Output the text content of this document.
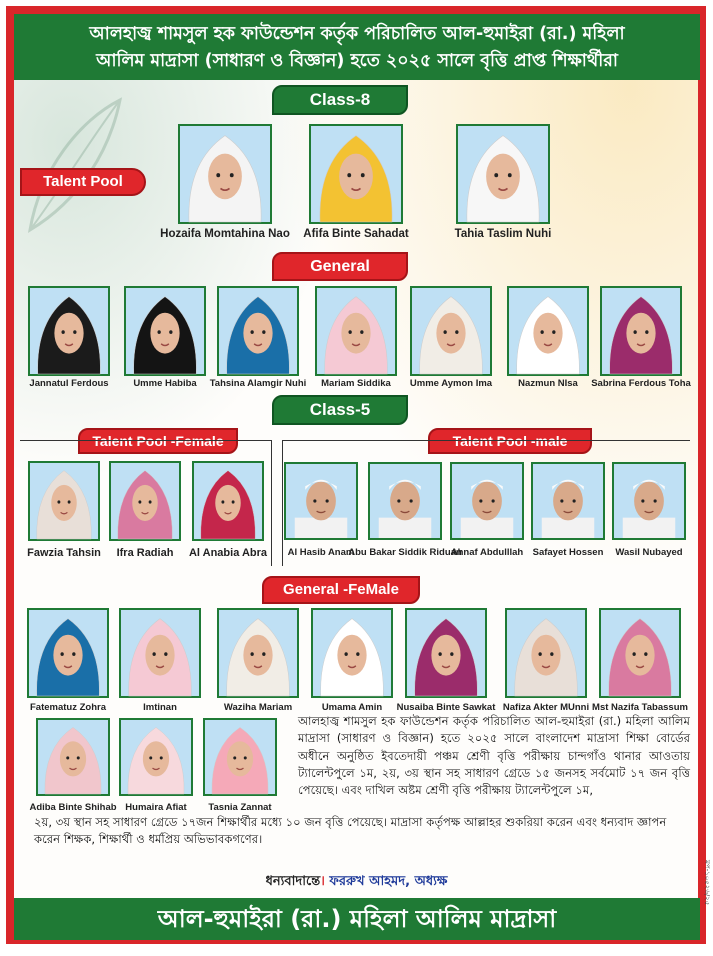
আলহাজ্ব শামসুল হক ফাউন্ডেশন কর্তৃক পরিচালিত আল-হুমাইরা (রা.) মহিলা
আলিম মাদ্রাসা (সাধারণ ও বিজ্ঞান) হতে ২০২৫ সালে বৃত্তি প্রাপ্ত শিক্ষার্থীরা
Class-8
Talent Pool
Hozaifa Momtahina Nao Afifa Binte Sahadat	Tahia Taslim Nuhi
General
Jannatul Ferdous	Umme Habiba Tahsina Alamgir Nuhi Mariam Siddika Umme Aymon Ima	Nazmun NIsa Sabrina Ferdous Toha
Class-5
Talent Pool -Female	Talent Pool -male
Fawzia Tahsin Ifra Radiah Al Anabia Abra Al Hasib Anam
Abu Bakar Siddik Riduan
Ahnaf Abdulllah Safayet Hossen Wasil Nubayed
General -FeMale
Fatematuz Zohra	Imtinan	Waziha Mariam	Umama Amin Nusaiba Binte Sawkat Nafiza Akter MUnni Mst Nazifa Tabassum
Adiba Binte Shihab Humaira Afiat Tasnia Zannat
আলহাজ্ব শামসুল হক ফাউন্ডেশন কর্তৃক পরিচালিত আল-হুমাইরা (রা.) মহিলা আলিম মাদ্রাসা (সাধারণ ও বিজ্ঞান) হতে ২০২৫ সালে বাংলাদেশ মাদ্রাসা শিক্ষা বোর্ডের অধীনে অনুষ্ঠিত ইবতেদায়ী পঞ্চম শ্রেণী বৃত্তি পরীক্ষায় চান্দগাঁও থানার আওতায় ট্যালেন্টপুলে ১ম, ২য়, ৩য় স্থান সহ সাধারণ গ্রেডে ১৫ জনসহ সর্বমোট ১৭ জন বৃত্তি পেয়েছে। এবং দাখিল অষ্টম শ্রেণী বৃত্তি পরীক্ষায় ট্যালেন্টপুলে ১ম,
২য়, ৩য় স্থান সহ সাধারণ গ্রেডে ১৭জন শিক্ষার্থীর মধ্যে ১০ জন বৃত্তি পেয়েছে। মাদ্রাসা কর্তৃপক্ষ আল্লাহর শুকরিয়া করেন এবং ধন্যবাদ জ্ঞাপন করেন শিক্ষক, শিক্ষার্থী ও ধর্মপ্রিয় অভিভাবকগণের।
ধন্যবাদান্তে। ফররুখ আহমদ, অধ্যক্ষ
আল-হুমাইরা (রা.) মহিলা আলিম মাদ্রাসা
মপ-১০৫২৬/২৫
